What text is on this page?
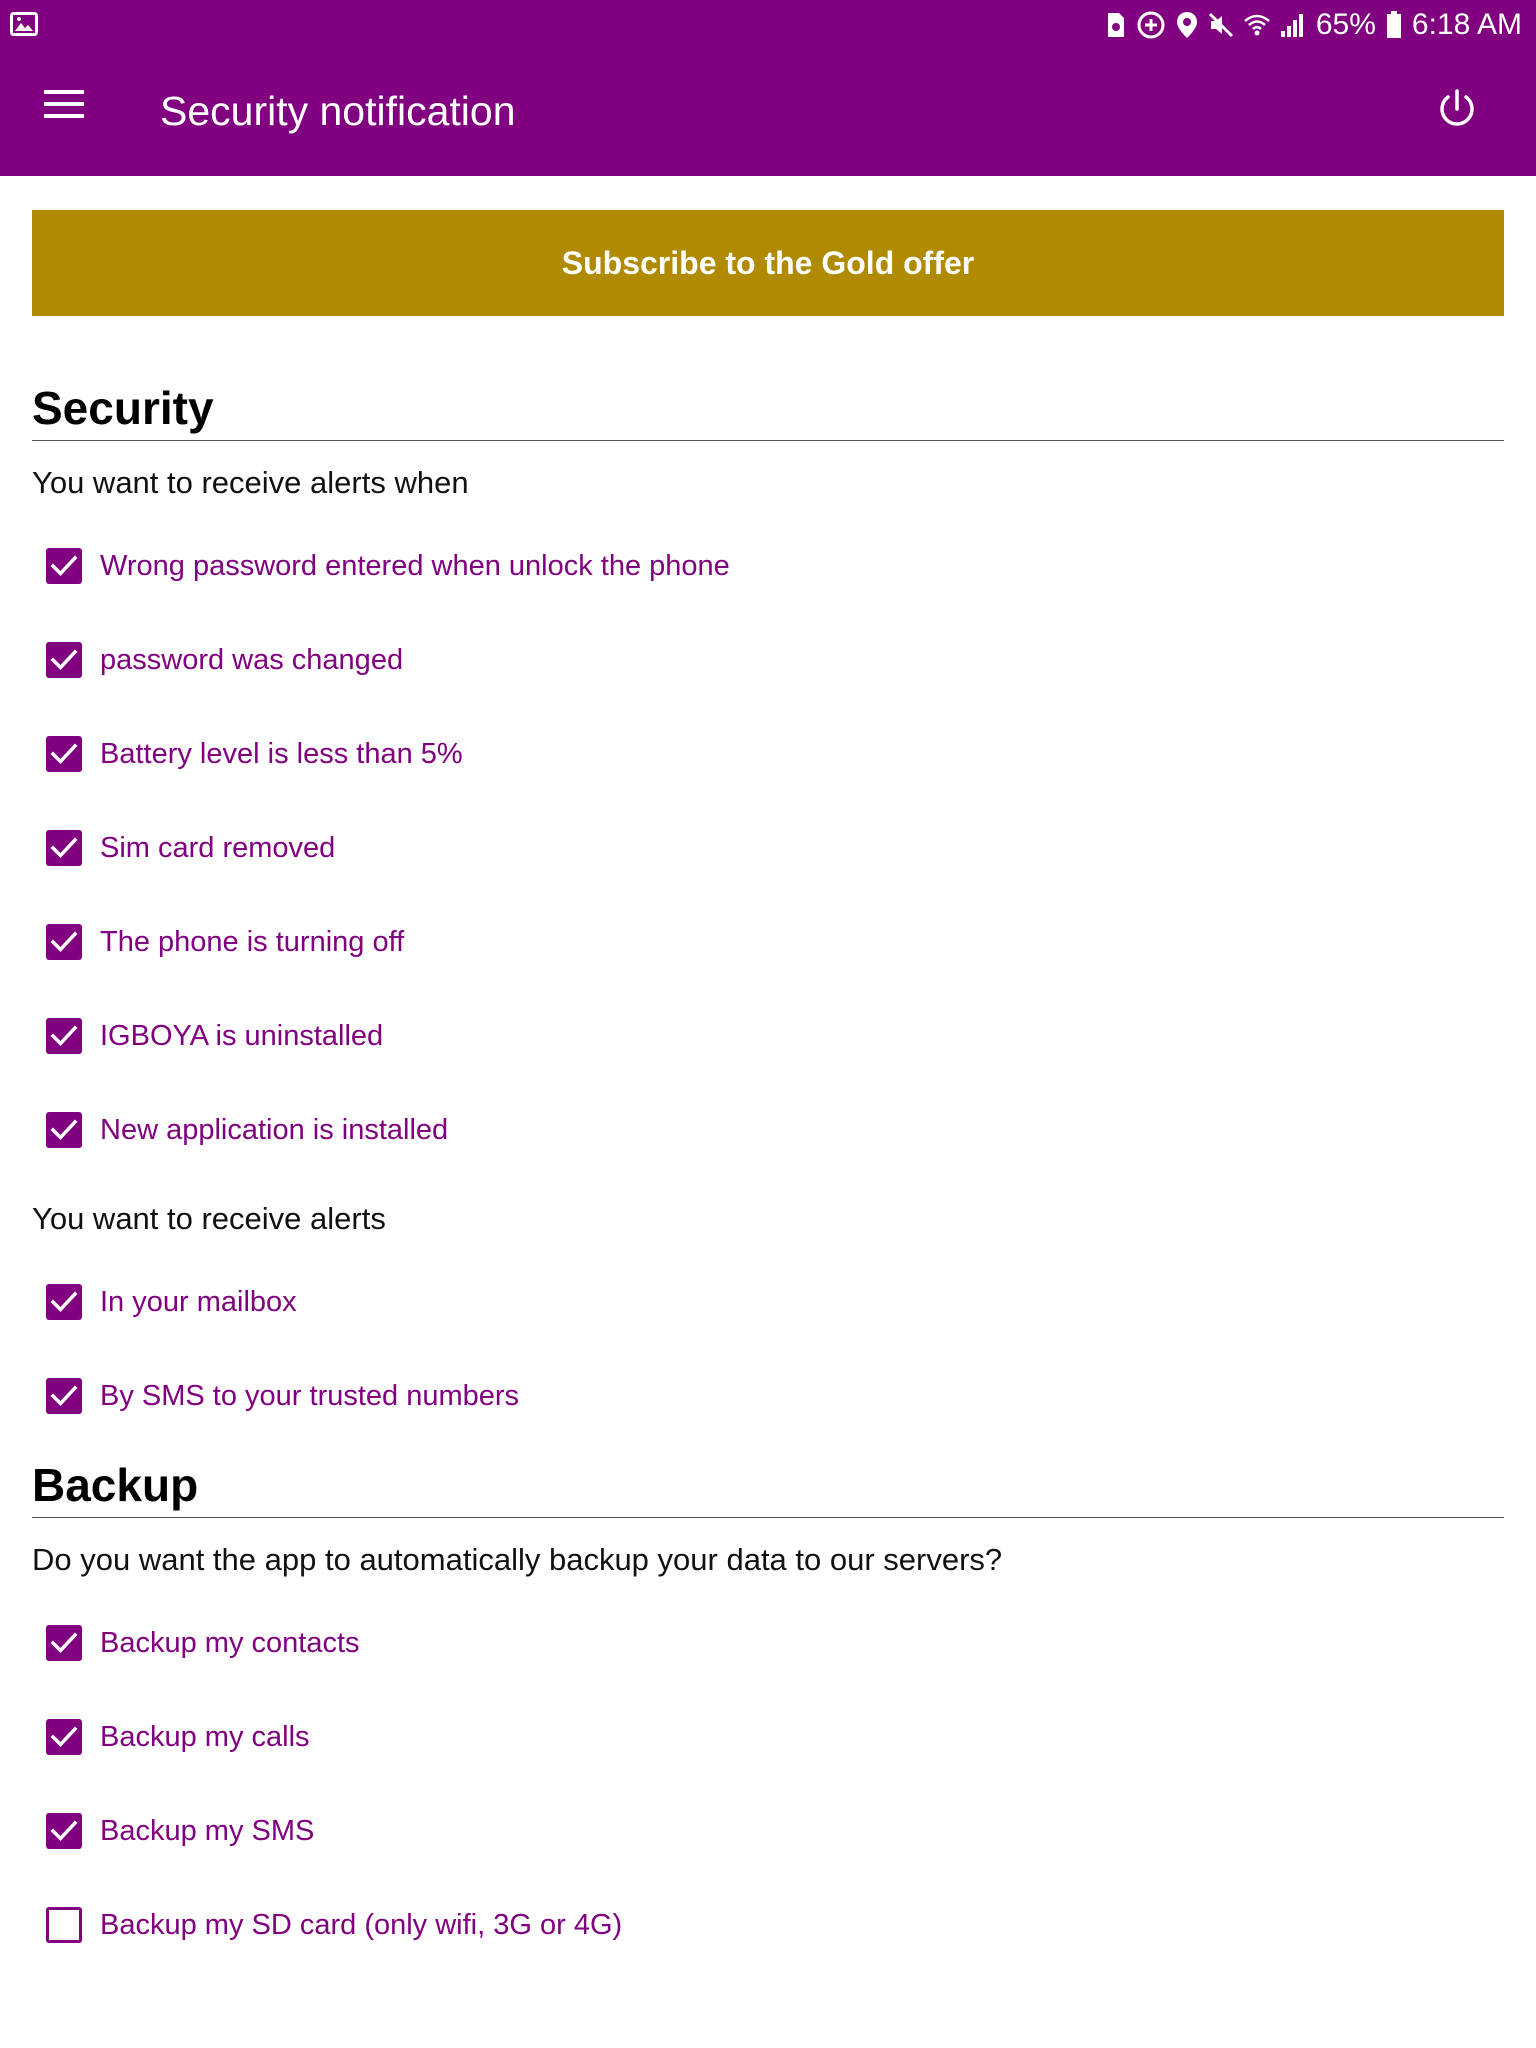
65% 6:18 AM
Security notification
Subscribe to the Gold offer
Security

You want to receive alerts when

Wrong password entered when unlock the phone
password was changed
Battery level is less than 5%
Sim card removed
The phone is turning off
IGBOYA is uninstalled
New application is installed

You want to receive alerts

In your mailbox
By SMS to your trusted numbers
Backup

Do you want the app to automatically backup your data to our servers?

Backup my contacts
Backup my calls
Backup my SMS
Backup my SD card (only wifi, 3G or 4G)
